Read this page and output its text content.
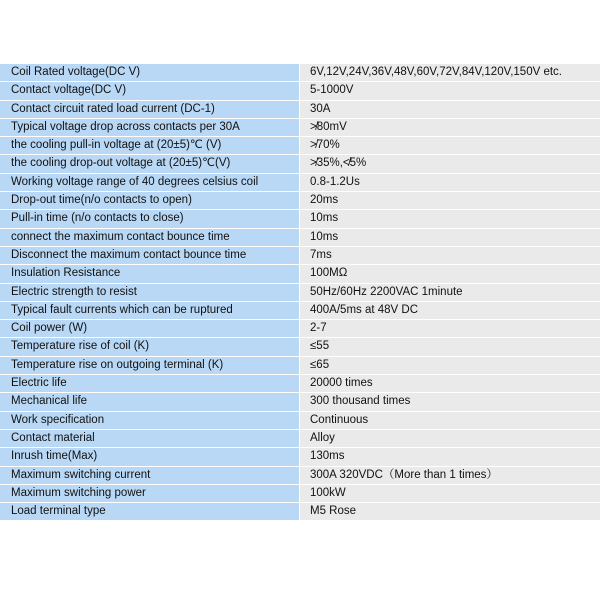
Coil Rated voltage(DC V)	6V,12V,24V,36V,48V,60V,72V,84V,120V,150V etc.
Contact voltage(DC V)	5-1000V
Contact circuit rated load current (DC-1)	30A
Typical voltage drop across contacts per 30A	≯80mV
the cooling pull-in voltage at (20±5)℃ (V)	≯70%
the cooling drop-out voltage at (20±5)℃(V)	≯35%,≮5%
Working voltage range of 40 degrees celsius coil	0.8-1.2Us
Drop-out time(n/o contacts to open)	20ms
Pull-in time (n/o contacts to close)	10ms
connect the maximum contact bounce time	10ms
Disconnect the maximum contact bounce time	7ms
Insulation Resistance	100MΩ
Electric strength to resist	50Hz/60Hz 2200VAC 1minute
Typical fault currents which can be ruptured	400A/5ms at 48V DC
Coil power (W)	2-7
Temperature rise of coil (K)	≤55
Temperature rise on outgoing terminal (K)	≤65
Electric life	20000 times
Mechanical life	300 thousand times
Work specification	Continuous
Contact material	Alloy
Inrush time(Max)	130ms
Maximum switching current	300A 320VDC（More than 1 times）
Maximum switching power	100kW
Load terminal type	M5 Rose
